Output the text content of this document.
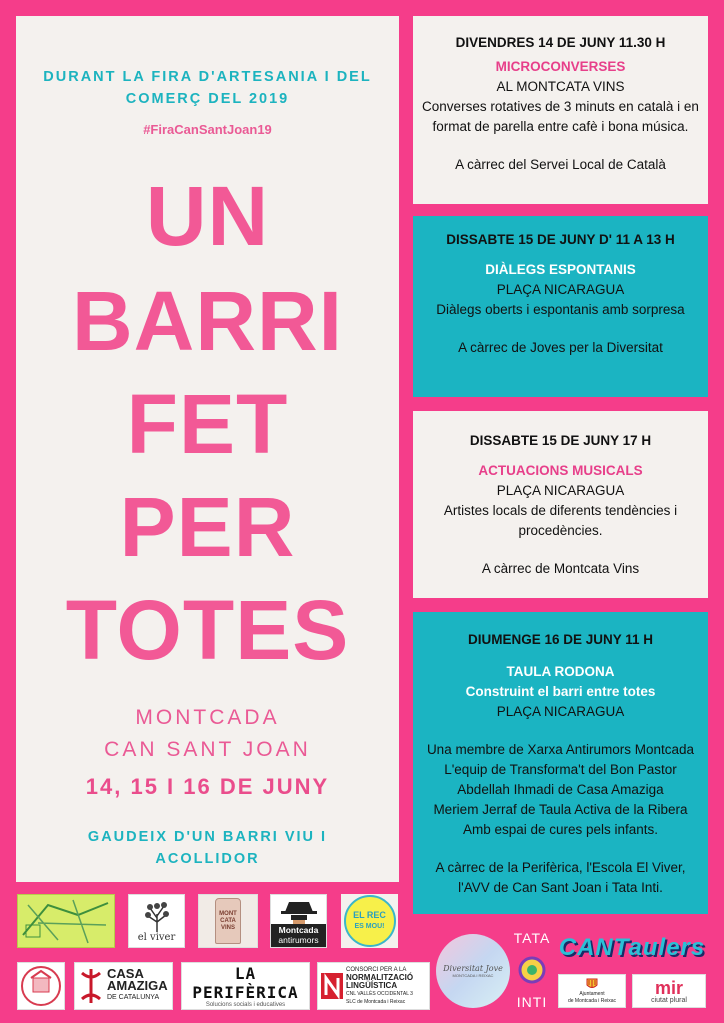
DURANT LA FIRA D'ARTESANIA I DEL COMERÇ DEL 2019
#FiraCanSantJoan19
UN
BARRI
FET
PER
TOTES
MONTCADA
CAN SANT JOAN
14, 15 I 16 DE JUNY
GAUDEIX D'UN BARRI VIU I ACOLLIDOR
DIVENDRES 14 DE JUNY 11.30 H
MICROCONVERSES
AL MONTCATA VINS
Converses rotatives de 3 minuts en català i en format de parella entre cafè i bona música.
A càrrec del Servei Local de Català
DISSABTE 15 DE JUNY D' 11 A 13 H
DIÀLEGS ESPONTANIS
PLAÇA NICARAGUA
Diàlegs oberts i espontanis amb sorpresa
A càrrec de Joves per la Diversitat
DISSABTE 15 DE JUNY 17 H
ACTUACIONS MUSICALS
PLAÇA NICARAGUA
Artistes locals de diferents tendències i procedències.
A càrrec de Montcata Vins
DIUMENGE 16 DE JUNY 11 H
TAULA RODONA
Construint el barri entre totes
PLAÇA NICARAGUA
Una membre de Xarxa Antirumors Montcada
L'equip de Transforma't del Bon Pastor
Abdellah Ihmadi de Casa Amaziga
Meriem Jerraf de Taula Activa de la Ribera
Amb espai de cures pels infants.
A càrrec de la Perifèrica, l'Escola El Viver, l'AVV de Can Sant Joan i Tata Inti.
el viver
MONT CATA VINS	Montcada
antirumors
EL REC
ES MOU!
CASA
AMAZIGA
DE CATALUNYA
LA PERIFÈRICA
Solucions socials i educatives
CONSORCI PER A LA
NORMALITZACIÓ
LINGÜÍSTICA
CNL VALLÈS OCCIDENTAL 3
SLC de Montcada i Reixac
Diversitat Jove
MONTCADA I REIXAC
TATA
INTI
CANTaulers
Ajuntament
de Montcada i Reixac
mir
ciutat plural
